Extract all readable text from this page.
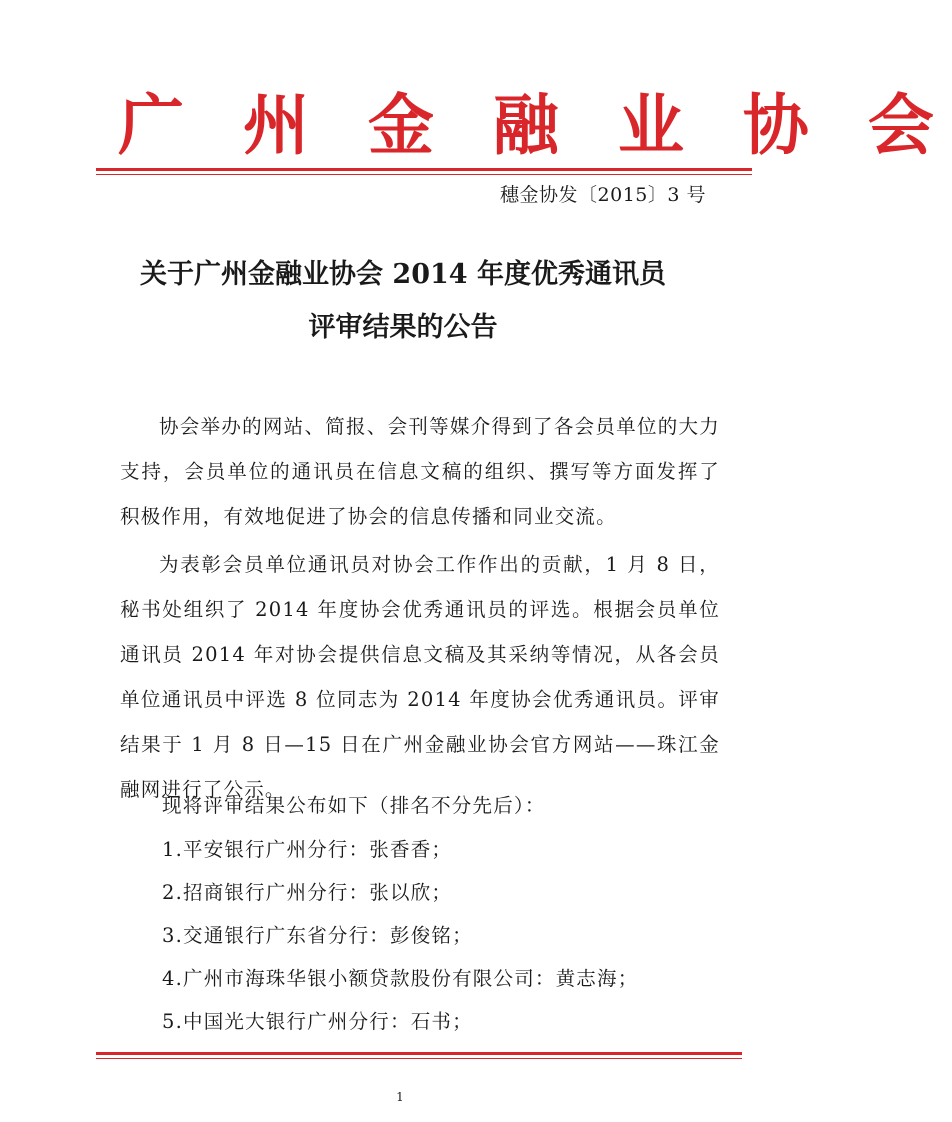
广 州 金 融 业 协 会
穗金协发〔2015〕3 号
关于广州金融业协会 2014 年度优秀通讯员
评审结果的公告

协会举办的网站、简报、会刊等媒介得到了各会员单位的大力支持，会员单位的通讯员在信息文稿的组织、撰写等方面发挥了积极作用，有效地促进了协会的信息传播和同业交流。

为表彰会员单位通讯员对协会工作作出的贡献，1 月 8 日，秘书处组织了 2014 年度协会优秀通讯员的评选。根据会员单位通讯员 2014 年对协会提供信息文稿及其采纳等情况，从各会员单位通讯员中评选 8 位同志为 2014 年度协会优秀通讯员。评审结果于 1 月 8 日—15 日在广州金融业协会官方网站——珠江金融网进行了公示。

现将评审结果公布如下（排名不分先后）：
1.平安银行广州分行：张香香；
2.招商银行广州分行：张以欣；
3.交通银行广东省分行：彭俊铭；
4.广州市海珠华银小额贷款股份有限公司：黄志海；
5.中国光大银行广州分行：石书；
1
